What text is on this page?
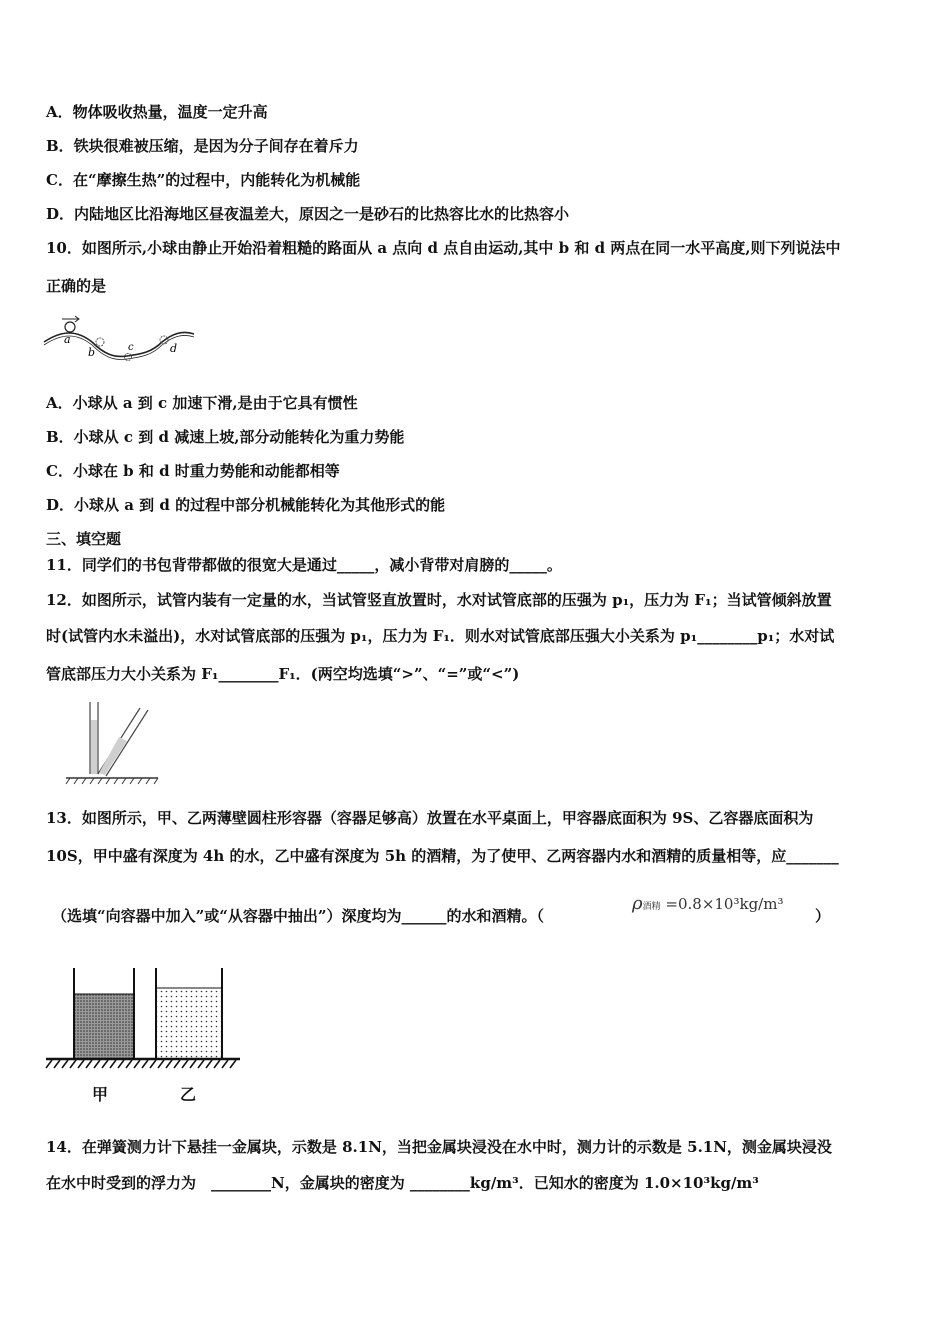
A．物体吸收热量，温度一定升高
B．铁块很难被压缩，是因为分子间存在着斥力
C．在“摩擦生热”的过程中，内能转化为机械能
D．内陆地区比沿海地区昼夜温差大，原因之一是砂石的比热容比水的比热容小
10．如图所示,小球由静止开始沿着粗糙的路面从 a 点向 d 点自由运动,其中 b 和 d 两点在同一水平高度,则下列说法中
正确的是
a
b	c	d
A．小球从 a 到 c 加速下滑,是由于它具有惯性
B．小球从 c 到 d 减速上坡,部分动能转化为重力势能
C．小球在 b 和 d 时重力势能和动能都相等
D．小球从 a 到 d 的过程中部分机械能转化为其他形式的能
三、填空题
11．同学们的书包背带都做的很宽大是通过_____，减小背带对肩膀的_____。
12．如图所示，试管内装有一定量的水，当试管竖直放置时，水对试管底部的压强为 p₁，压力为 F₁；当试管倾斜放置
时(试管内水未溢出)，水对试管底部的压强为 p₁，压力为 F₁．则水对试管底部压强大小关系为 p₁________p₁；水对试
管底部压力大小关系为 F₁________F₁．(两空均选填“>”、“=”或“<”)
13．如图所示，甲、乙两薄壁圆柱形容器（容器足够高）放置在水平桌面上，甲容器底面积为 9S、乙容器底面积为
10S，甲中盛有深度为 4h 的水，乙中盛有深度为 5h 的酒精，为了使甲、乙两容器内水和酒精的质量相等，应_______
（选填“向容器中加入”或“从容器中抽出”）深度均为______的水和酒精。（
ρ酒精 =0.8×10³kg/m³
）
甲	乙
14．在弹簧测力计下悬挂一金属块，示数是 8.1N，当把金属块浸没在水中时，测力计的示数是 5.1N，测金属块浸没
在水中时受到的浮力为　________N，金属块的密度为 ________kg/m³．已知水的密度为 1.0×10³kg/m³
